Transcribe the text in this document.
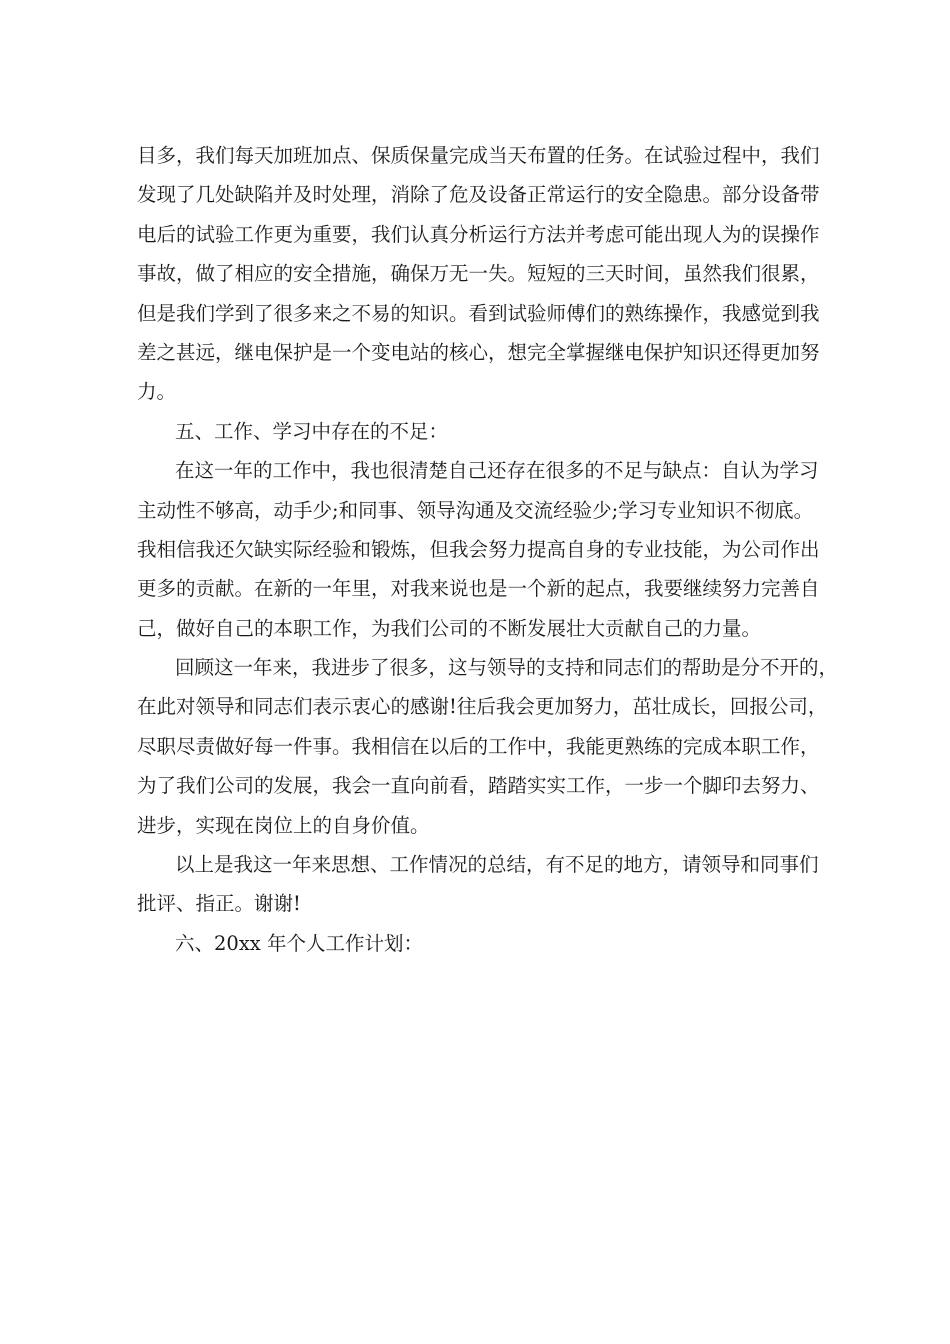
目多，我们每天加班加点、保质保量完成当天布置的任务。在试验过程中，我们
发现了几处缺陷并及时处理，消除了危及设备正常运行的安全隐患。部分设备带
电后的试验工作更为重要，我们认真分析运行方法并考虑可能出现人为的误操作
事故，做了相应的安全措施，确保万无一失。短短的三天时间，虽然我们很累，
但是我们学到了很多来之不易的知识。看到试验师傅们的熟练操作，我感觉到我
差之甚远，继电保护是一个变电站的核心，想完全掌握继电保护知识还得更加努
力。
五、工作、学习中存在的不足：
在这一年的工作中，我也很清楚自己还存在很多的不足与缺点：自认为学习
主动性不够高，动手少;和同事、领导沟通及交流经验少;学习专业知识不彻底。
我相信我还欠缺实际经验和锻炼，但我会努力提高自身的专业技能，为公司作出
更多的贡献。在新的一年里，对我来说也是一个新的起点，我要继续努力完善自
己，做好自己的本职工作，为我们公司的不断发展壮大贡献自己的力量。
回顾这一年来，我进步了很多，这与领导的支持和同志们的帮助是分不开的，
在此对领导和同志们表示衷心的感谢!往后我会更加努力，茁壮成长，回报公司，
尽职尽责做好每一件事。我相信在以后的工作中，我能更熟练的完成本职工作，
为了我们公司的发展，我会一直向前看，踏踏实实工作，一步一个脚印去努力、
进步，实现在岗位上的自身价值。
以上是我这一年来思想、工作情况的总结，有不足的地方，请领导和同事们
批评、指正。谢谢!
六、20xx 年个人工作计划：
